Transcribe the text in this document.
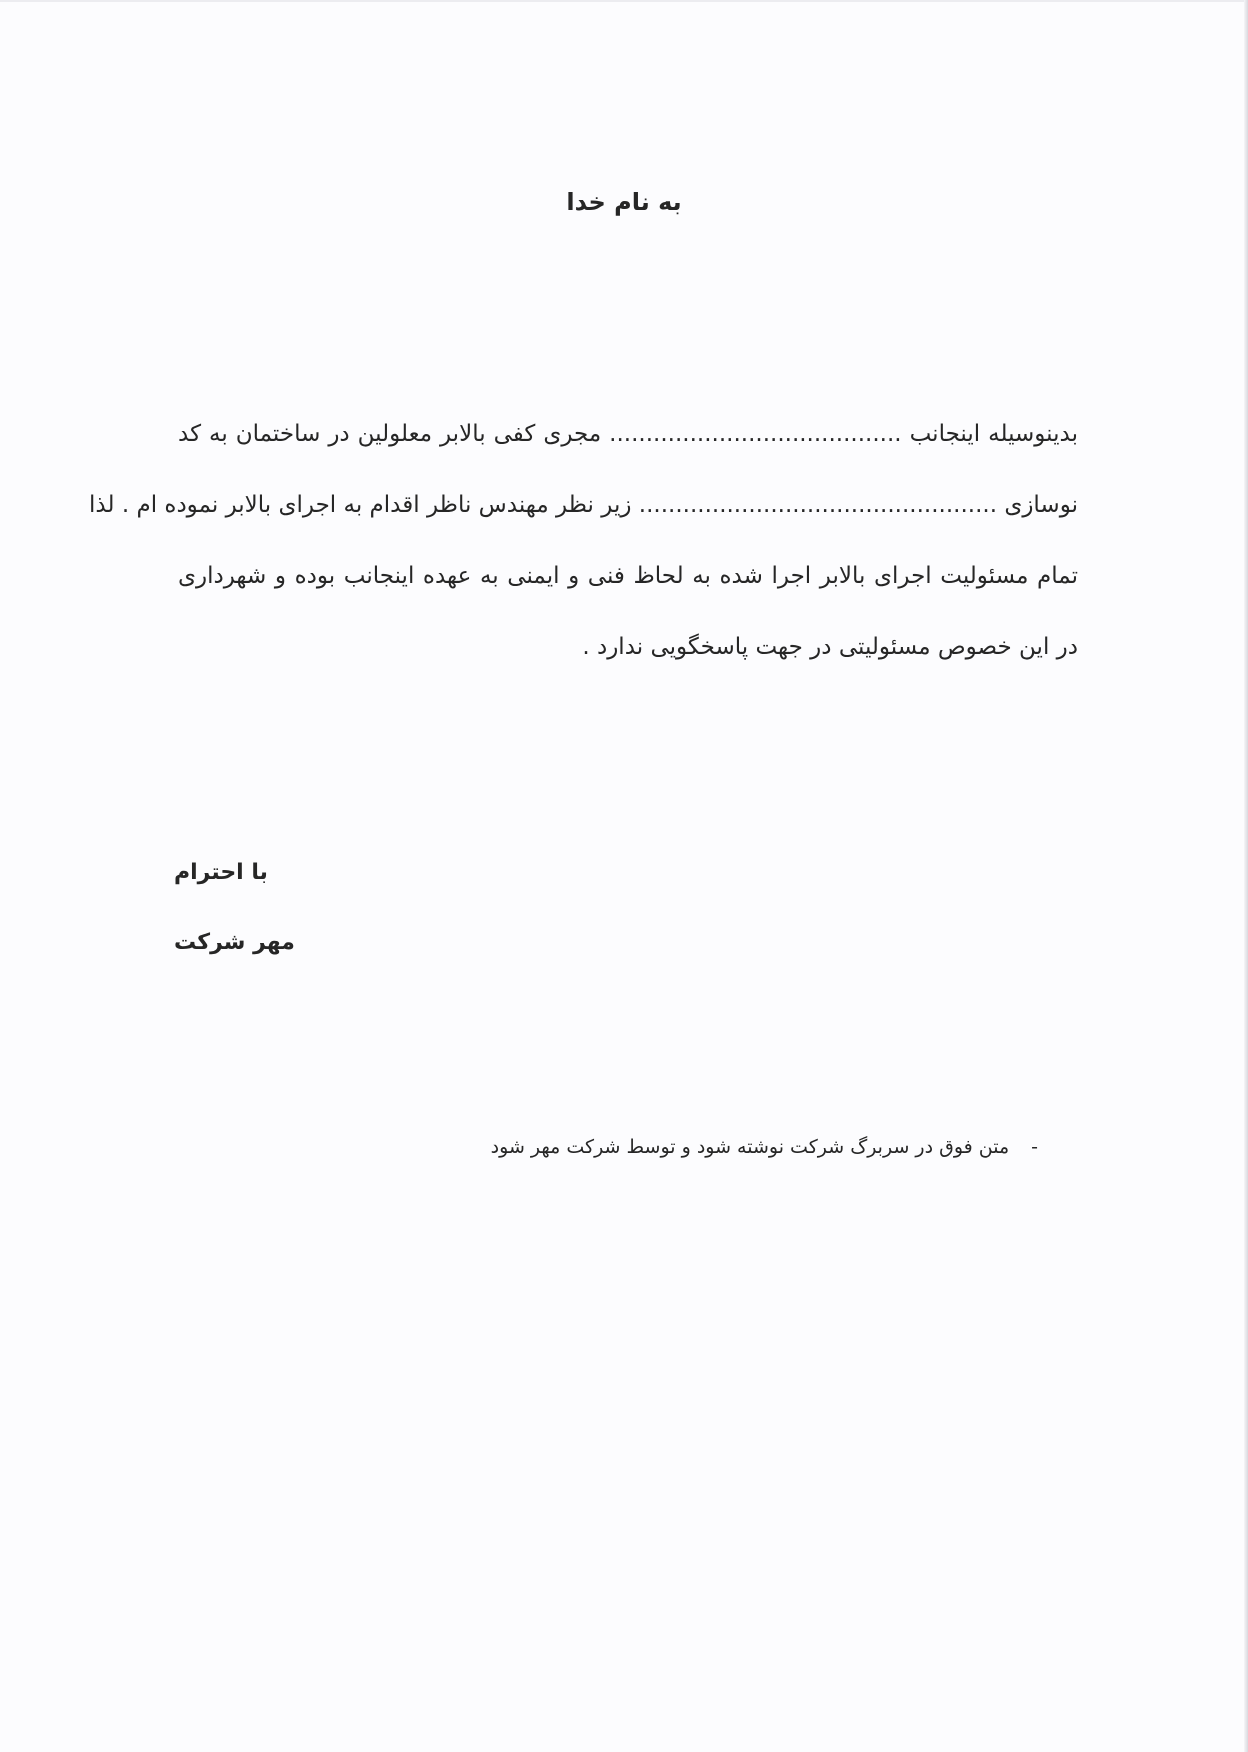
به نام خدا
بدینوسیله اینجانب ........................................ مجری کفی بالابر معلولین در ساختمان به کد
نوسازی ................................................. زیر نظر مهندس ناظر اقدام به اجرای بالابر نموده ام . لذا
تمام مسئولیت اجرای بالابر اجرا شده به لحاظ فنی و ایمنی به عهده اینجانب بوده و شهرداری
در این خصوص مسئولیتی در جهت پاسخگویی ندارد .

با احترام

مهر شرکت

-متن فوق در سربرگ شرکت نوشته شود و توسط شرکت مهر شود
